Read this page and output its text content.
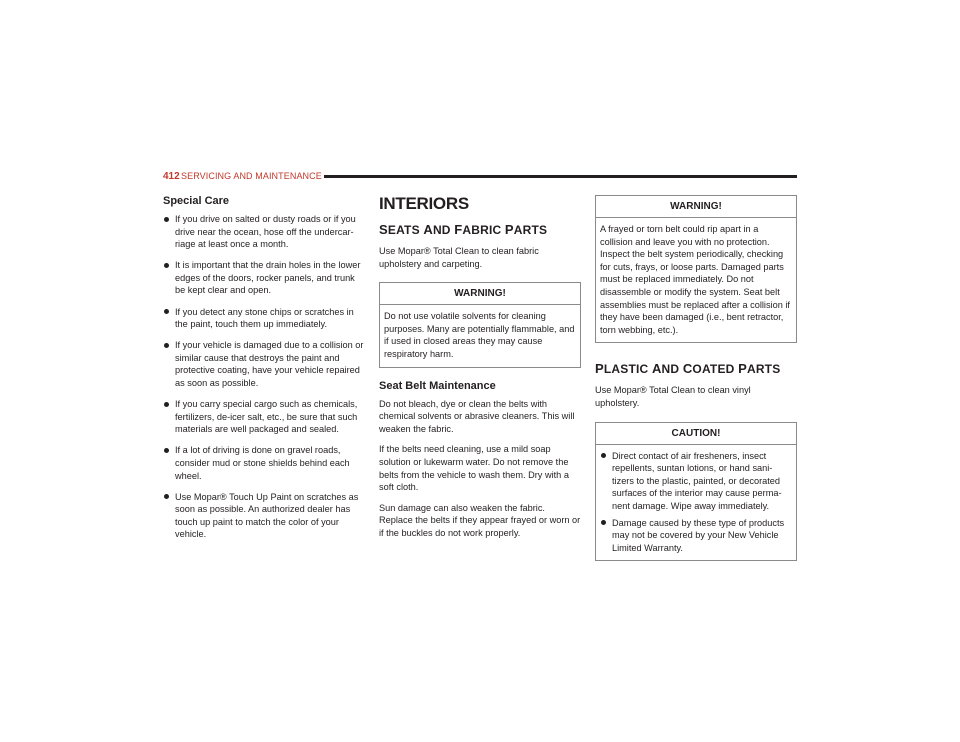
412 SERVICING AND MAINTENANCE
Special Care
If you drive on salted or dusty roads or if you drive near the ocean, hose off the undercar-riage at least once a month.
It is important that the drain holes in the lower edges of the doors, rocker panels, and trunk be kept clear and open.
If you detect any stone chips or scratches in the paint, touch them up immediately.
If your vehicle is damaged due to a collision or similar cause that destroys the paint and protective coating, have your vehicle repaired as soon as possible.
If you carry special cargo such as chemicals, fertilizers, de-icer salt, etc., be sure that such materials are well packaged and sealed.
If a lot of driving is done on gravel roads, consider mud or stone shields behind each wheel.
Use Mopar® Touch Up Paint on scratches as soon as possible. An authorized dealer has touch up paint to match the color of your vehicle.
INTERIORS
SEATS AND FABRIC PARTS

Use Mopar® Total Clean to clean fabric upholstery and carpeting.

WARNING!
Do not use volatile solvents for cleaning purposes. Many are potentially flammable, and if used in closed areas they may cause respiratory harm.
Seat Belt Maintenance

Do not bleach, dye or clean the belts with chemical solvents or abrasive cleaners. This will weaken the fabric.

If the belts need cleaning, use a mild soap solution or lukewarm water. Do not remove the belts from the vehicle to wash them. Dry with a soft cloth.

Sun damage can also weaken the fabric. Replace the belts if they appear frayed or worn or if the buckles do not work properly.

WARNING!
A frayed or torn belt could rip apart in a collision and leave you with no protection. Inspect the belt system periodically, checking for cuts, frays, or loose parts. Damaged parts must be replaced immediately. Do not disassemble or modify the system. Seat belt assemblies must be replaced after a collision if they have been damaged (i.e., bent retractor, torn webbing, etc.).
PLASTIC AND COATED PARTS

Use Mopar® Total Clean to clean vinyl upholstery.

CAUTION!
Direct contact of air fresheners, insect repellents, suntan lotions, or hand sani-tizers to the plastic, painted, or decorated surfaces of the interior may cause perma-nent damage. Wipe away immediately.
Damage caused by these type of products may not be covered by your New Vehicle Limited Warranty.
